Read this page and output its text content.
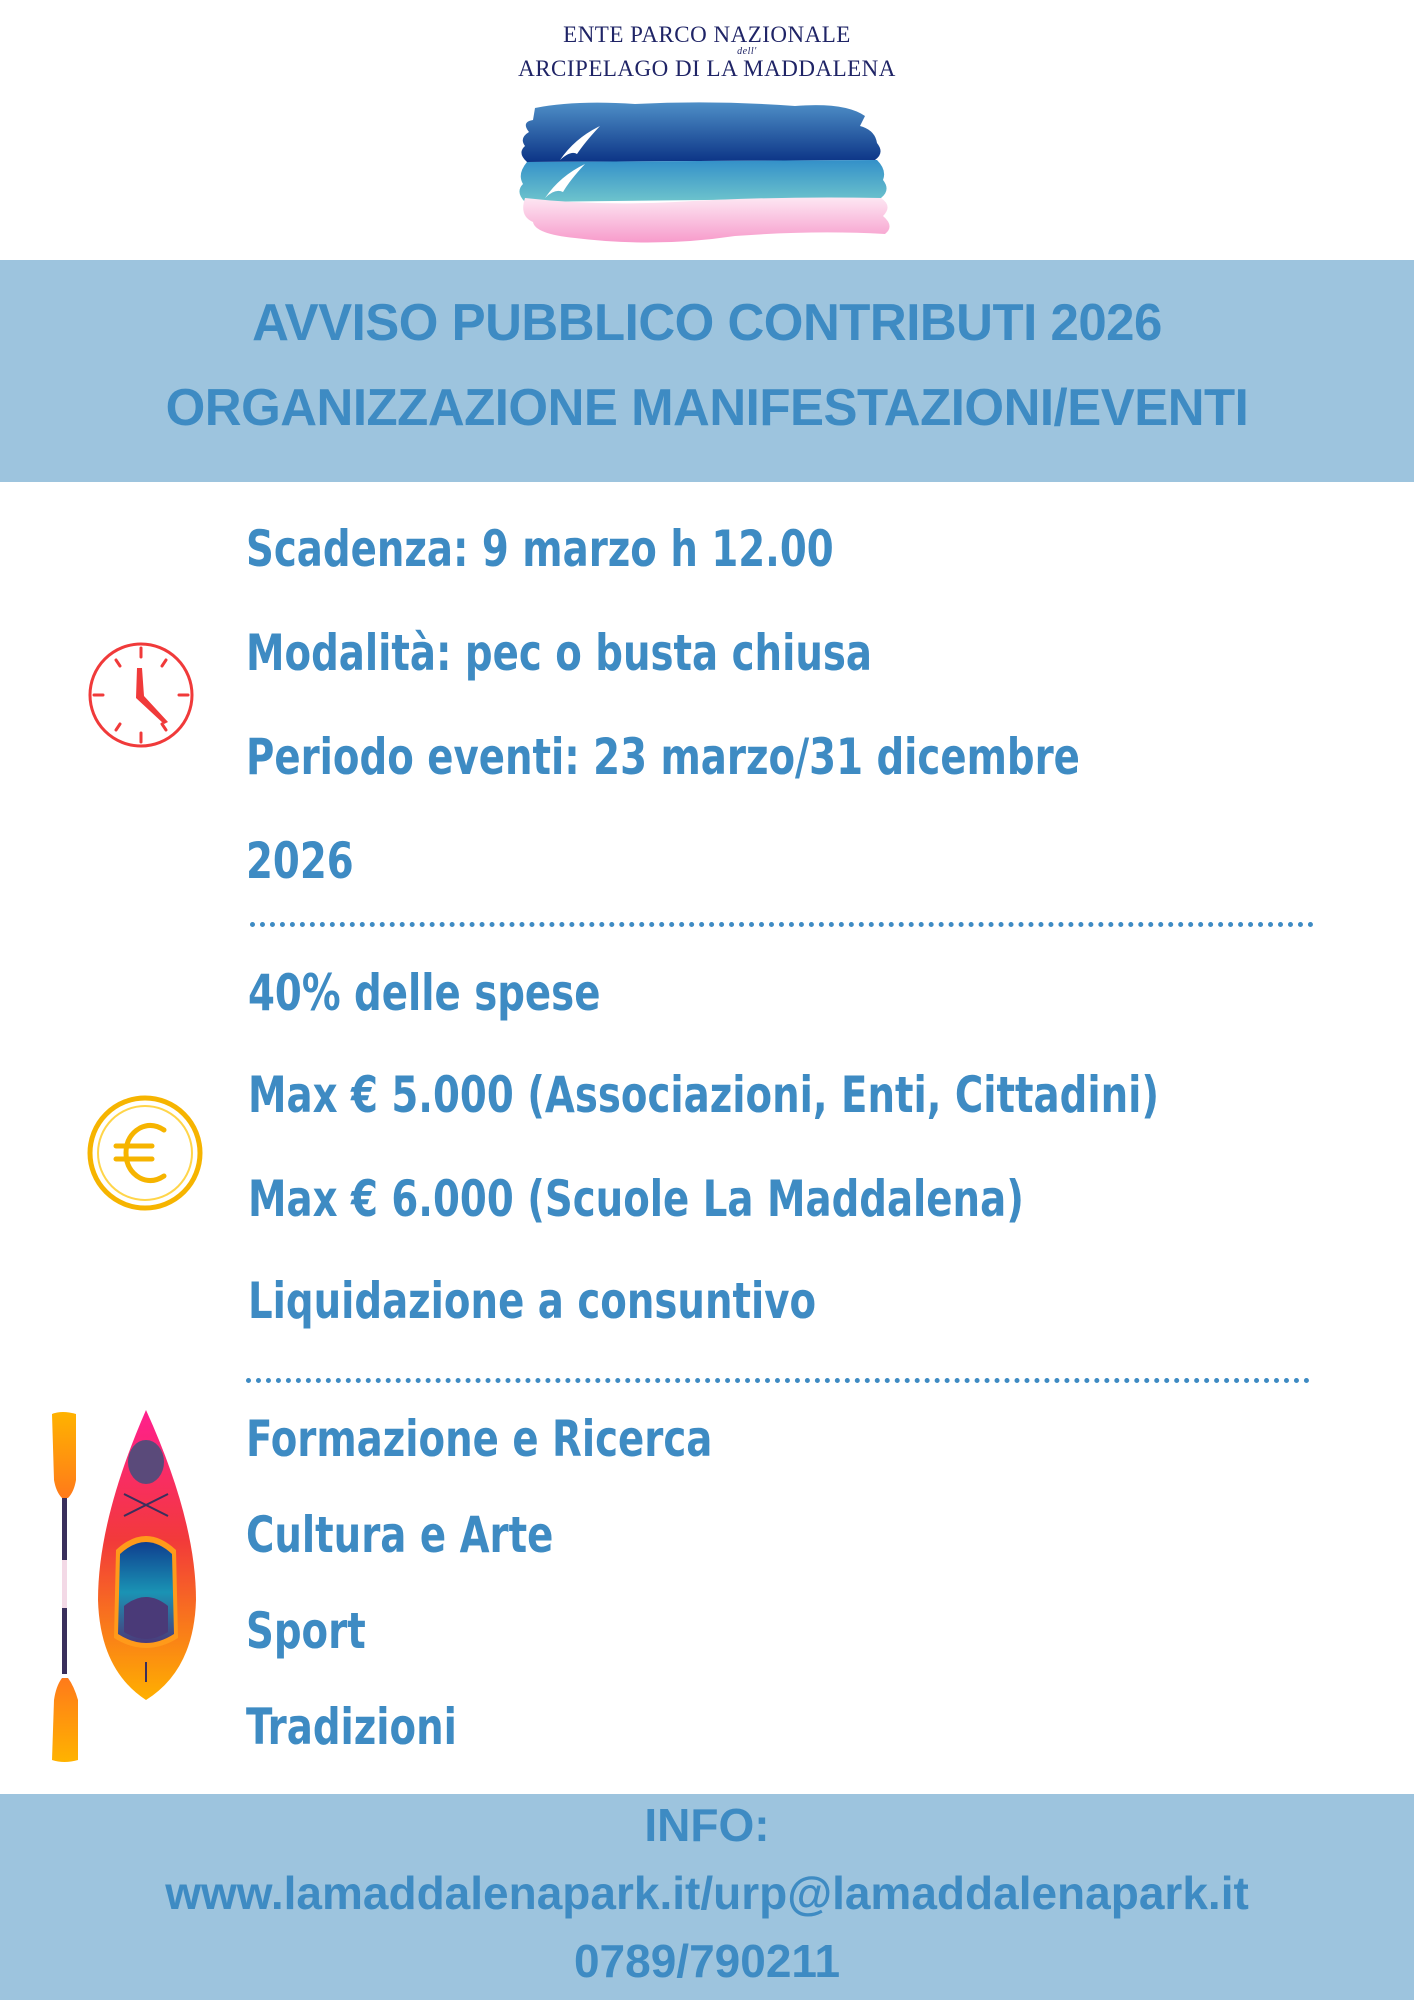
ENTE PARCO NAZIONALE
dell'
ARCIPELAGO DI LA MADDALENA
AVVISO PUBBLICO CONTRIBUTI 2026
ORGANIZZAZIONE MANIFESTAZIONI/EVENTI
Scadenza: 9 marzo h 12.00
Modalità: pec o busta chiusa
Periodo eventi: 23 marzo/31 dicembre
2026
40% delle spese
Max € 5.000 (Associazioni, Enti, Cittadini)
Max € 6.000 (Scuole La Maddalena)
Liquidazione a consuntivo
Formazione e Ricerca
Cultura e Arte
Sport
Tradizioni
INFO:
www.lamaddalenapark.it/urp@lamaddalenapark.it
0789/790211
